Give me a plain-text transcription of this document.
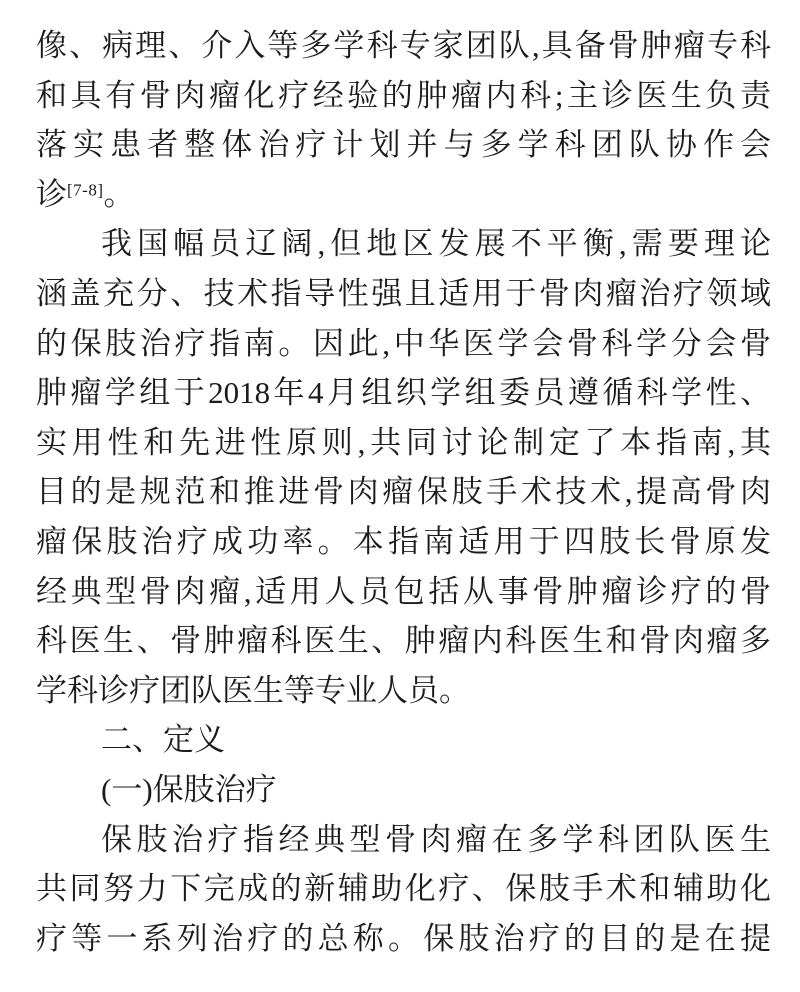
像、病理、介入等多学科专家团队,具备骨肿瘤专科
和具有骨肉瘤化疗经验的肿瘤内科;主诊医生负责
落实患者整体治疗计划并与多学科团队协作会
诊[7-8]。
我国幅员辽阔,但地区发展不平衡,需要理论
涵盖充分、技术指导性强且适用于骨肉瘤治疗领域
的保肢治疗指南。因此,中华医学会骨科学分会骨
肿瘤学组于2018年4月组织学组委员遵循科学性、
实用性和先进性原则,共同讨论制定了本指南,其
目的是规范和推进骨肉瘤保肢手术技术,提高骨肉
瘤保肢治疗成功率。本指南适用于四肢长骨原发
经典型骨肉瘤,适用人员包括从事骨肿瘤诊疗的骨
科医生、骨肿瘤科医生、肿瘤内科医生和骨肉瘤多
学科诊疗团队医生等专业人员。
二、定义
(一)保肢治疗
保肢治疗指经典型骨肉瘤在多学科团队医生
共同努力下完成的新辅助化疗、保肢手术和辅助化
疗等一系列治疗的总称。保肢治疗的目的是在提
